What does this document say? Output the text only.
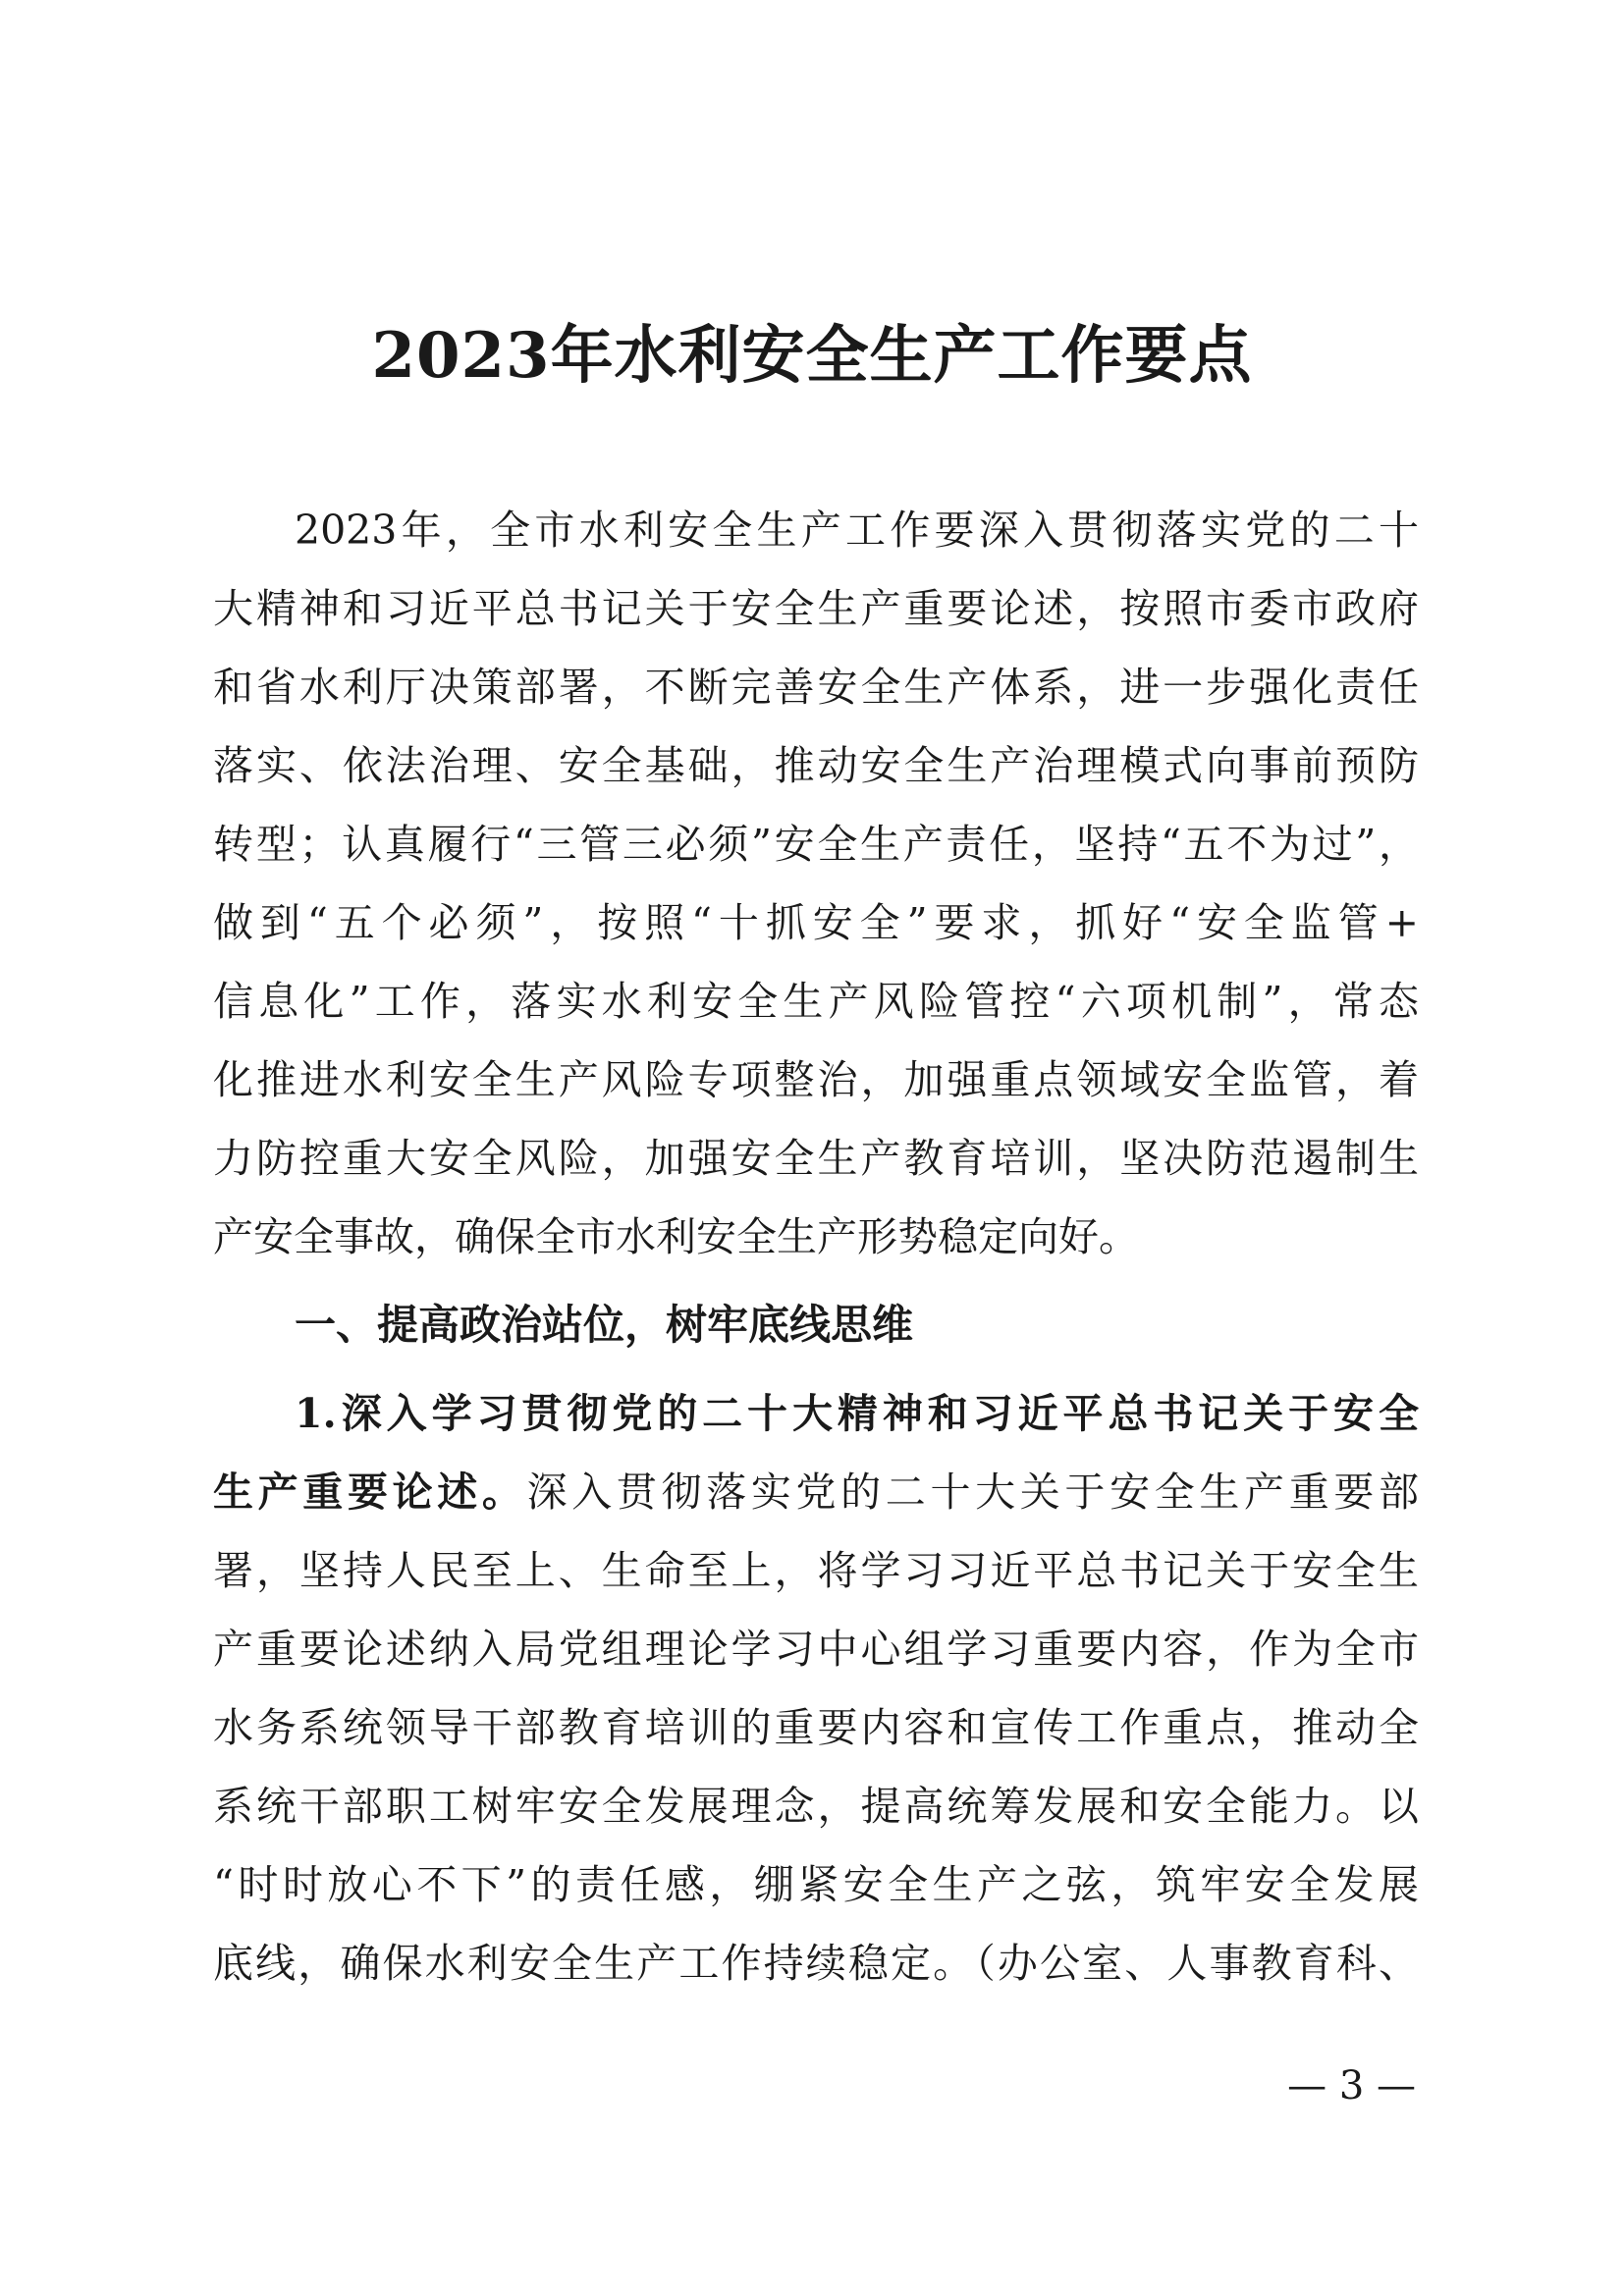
2023年水利安全生产工作要点

2023年，全市水利安全生产工作要深入贯彻落实党的二十

大精神和习近平总书记关于安全生产重要论述，按照市委市政府

和省水利厅决策部署，不断完善安全生产体系，进一步强化责任

落实、依法治理、安全基础，推动安全生产治理模式向事前预防

转型；认真履行“三管三必须”安全生产责任，坚持“五不为过”，

做到“五个必须”，按照“十抓安全”要求，抓好“安全监管+

信息化”工作，落实水利安全生产风险管控“六项机制”，常态

化推进水利安全生产风险专项整治，加强重点领域安全监管，着

力防控重大安全风险，加强安全生产教育培训，坚决防范遏制生

产安全事故，确保全市水利安全生产形势稳定向好。

一、提高政治站位，树牢底线思维

1.深入学习贯彻党的二十大精神和习近平总书记关于安全

生产重要论述。深入贯彻落实党的二十大关于安全生产重要部

署，坚持人民至上、生命至上，将学习习近平总书记关于安全生

产重要论述纳入局党组理论学习中心组学习重要内容，作为全市

水务系统领导干部教育培训的重要内容和宣传工作重点，推动全

系统干部职工树牢安全发展理念，提高统筹发展和安全能力。以

“时时放心不下”的责任感，绷紧安全生产之弦，筑牢安全发展

底线，确保水利安全生产工作持续稳定。（办公室、人事教育科、

— 3 —
